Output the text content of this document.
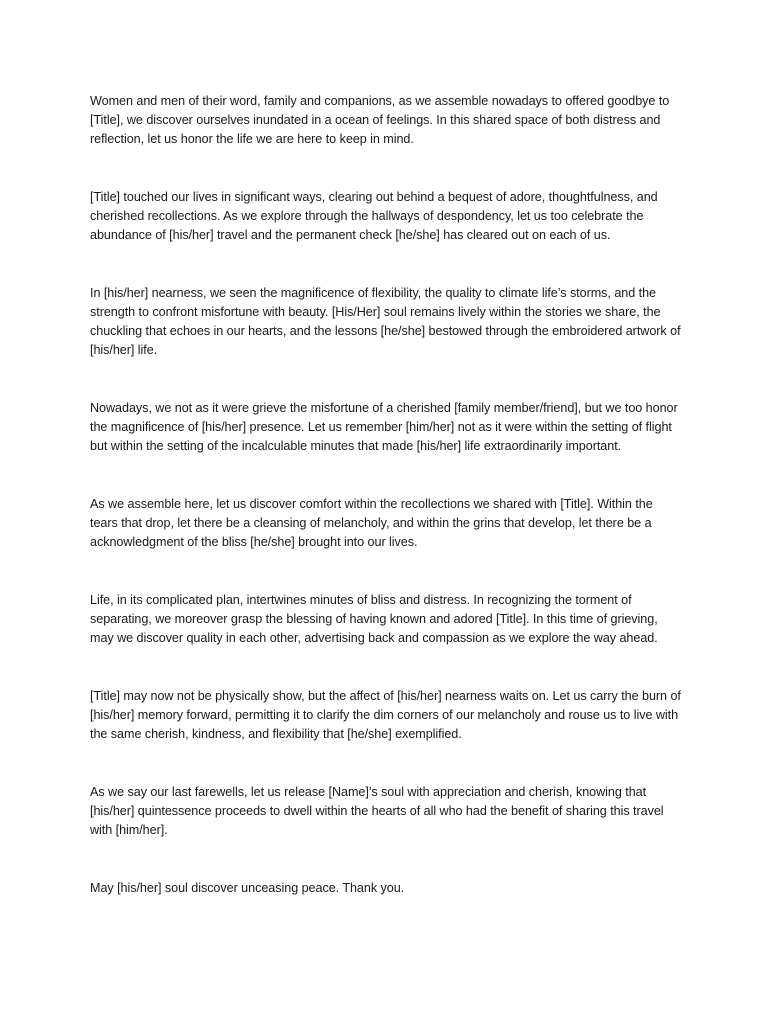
Women and men of their word, family and companions, as we assemble nowadays to offered goodbye to [Title], we discover ourselves inundated in a ocean of feelings. In this shared space of both distress and reflection, let us honor the life we are here to keep in mind.

[Title] touched our lives in significant ways, clearing out behind a bequest of adore, thoughtfulness, and cherished recollections. As we explore through the hallways of despondency, let us too celebrate the abundance of [his/her] travel and the permanent check [he/she] has cleared out on each of us.

In [his/her] nearness, we seen the magnificence of flexibility, the quality to climate life’s storms, and the strength to confront misfortune with beauty. [His/Her] soul remains lively within the stories we share, the chuckling that echoes in our hearts, and the lessons [he/she] bestowed through the embroidered artwork of [his/her] life.

Nowadays, we not as it were grieve the misfortune of a cherished [family member/friend], but we too honor the magnificence of [his/her] presence. Let us remember [him/her] not as it were within the setting of flight but within the setting of the incalculable minutes that made [his/her] life extraordinarily important.

As we assemble here, let us discover comfort within the recollections we shared with [Title]. Within the tears that drop, let there be a cleansing of melancholy, and within the grins that develop, let there be a acknowledgment of the bliss [he/she] brought into our lives.

Life, in its complicated plan, intertwines minutes of bliss and distress. In recognizing the torment of separating, we moreover grasp the blessing of having known and adored [Title]. In this time of grieving, may we discover quality in each other, advertising back and compassion as we explore the way ahead.

[Title] may now not be physically show, but the affect of [his/her] nearness waits on. Let us carry the burn of [his/her] memory forward, permitting it to clarify the dim corners of our melancholy and rouse us to live with the same cherish, kindness, and flexibility that [he/she] exemplified.

As we say our last farewells, let us release [Name]’s soul with appreciation and cherish, knowing that [his/her] quintessence proceeds to dwell within the hearts of all who had the benefit of sharing this travel with [him/her].

May [his/her] soul discover unceasing peace. Thank you.
